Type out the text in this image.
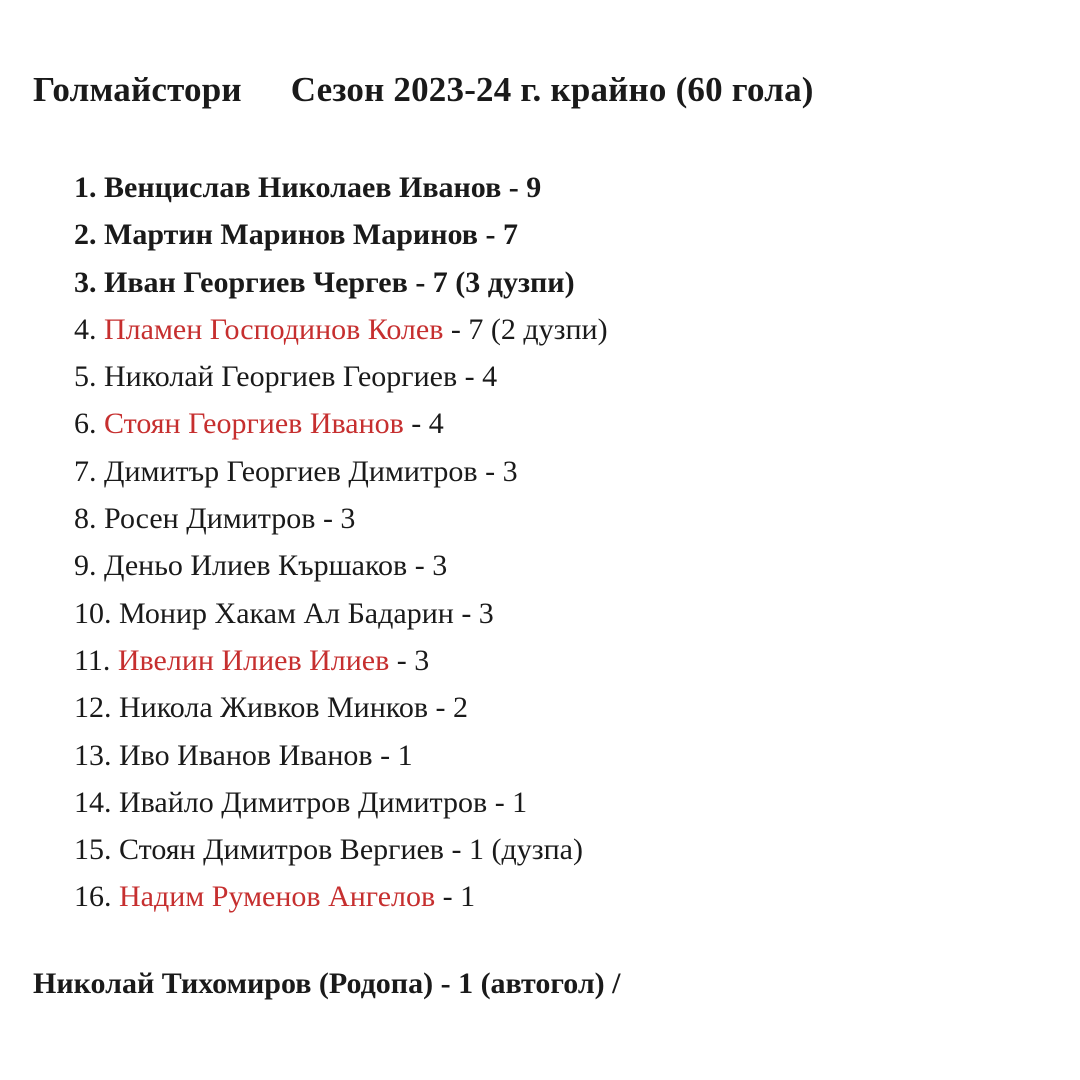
Голмайстори Сезон 2023-24 г. крайно (60 гола)
1. Венцислав Николаев Иванов - 9
2. Мартин Маринов Маринов - 7
3. Иван Георгиев Чергев - 7 (3 дузпи)
4. Пламен Господинов Колев - 7 (2 дузпи)
5. Николай Георгиев Георгиев - 4
6. Стоян Георгиев Иванов - 4
7. Димитър Георгиев Димитров - 3
8. Росен Димитров - 3
9. Деньо Илиев Кършаков - 3
10. Монир Хакам Ал Бадарин - 3
11. Ивелин Илиев Илиев - 3
12. Никола Живков Минков - 2
13. Иво Иванов Иванов - 1
14. Ивайло Димитров Димитров - 1
15. Стоян Димитров Вергиев - 1 (дузпа)
16. Надим Руменов Ангелов - 1
Николай Тихомиров (Родопа) - 1 (автогол) /
